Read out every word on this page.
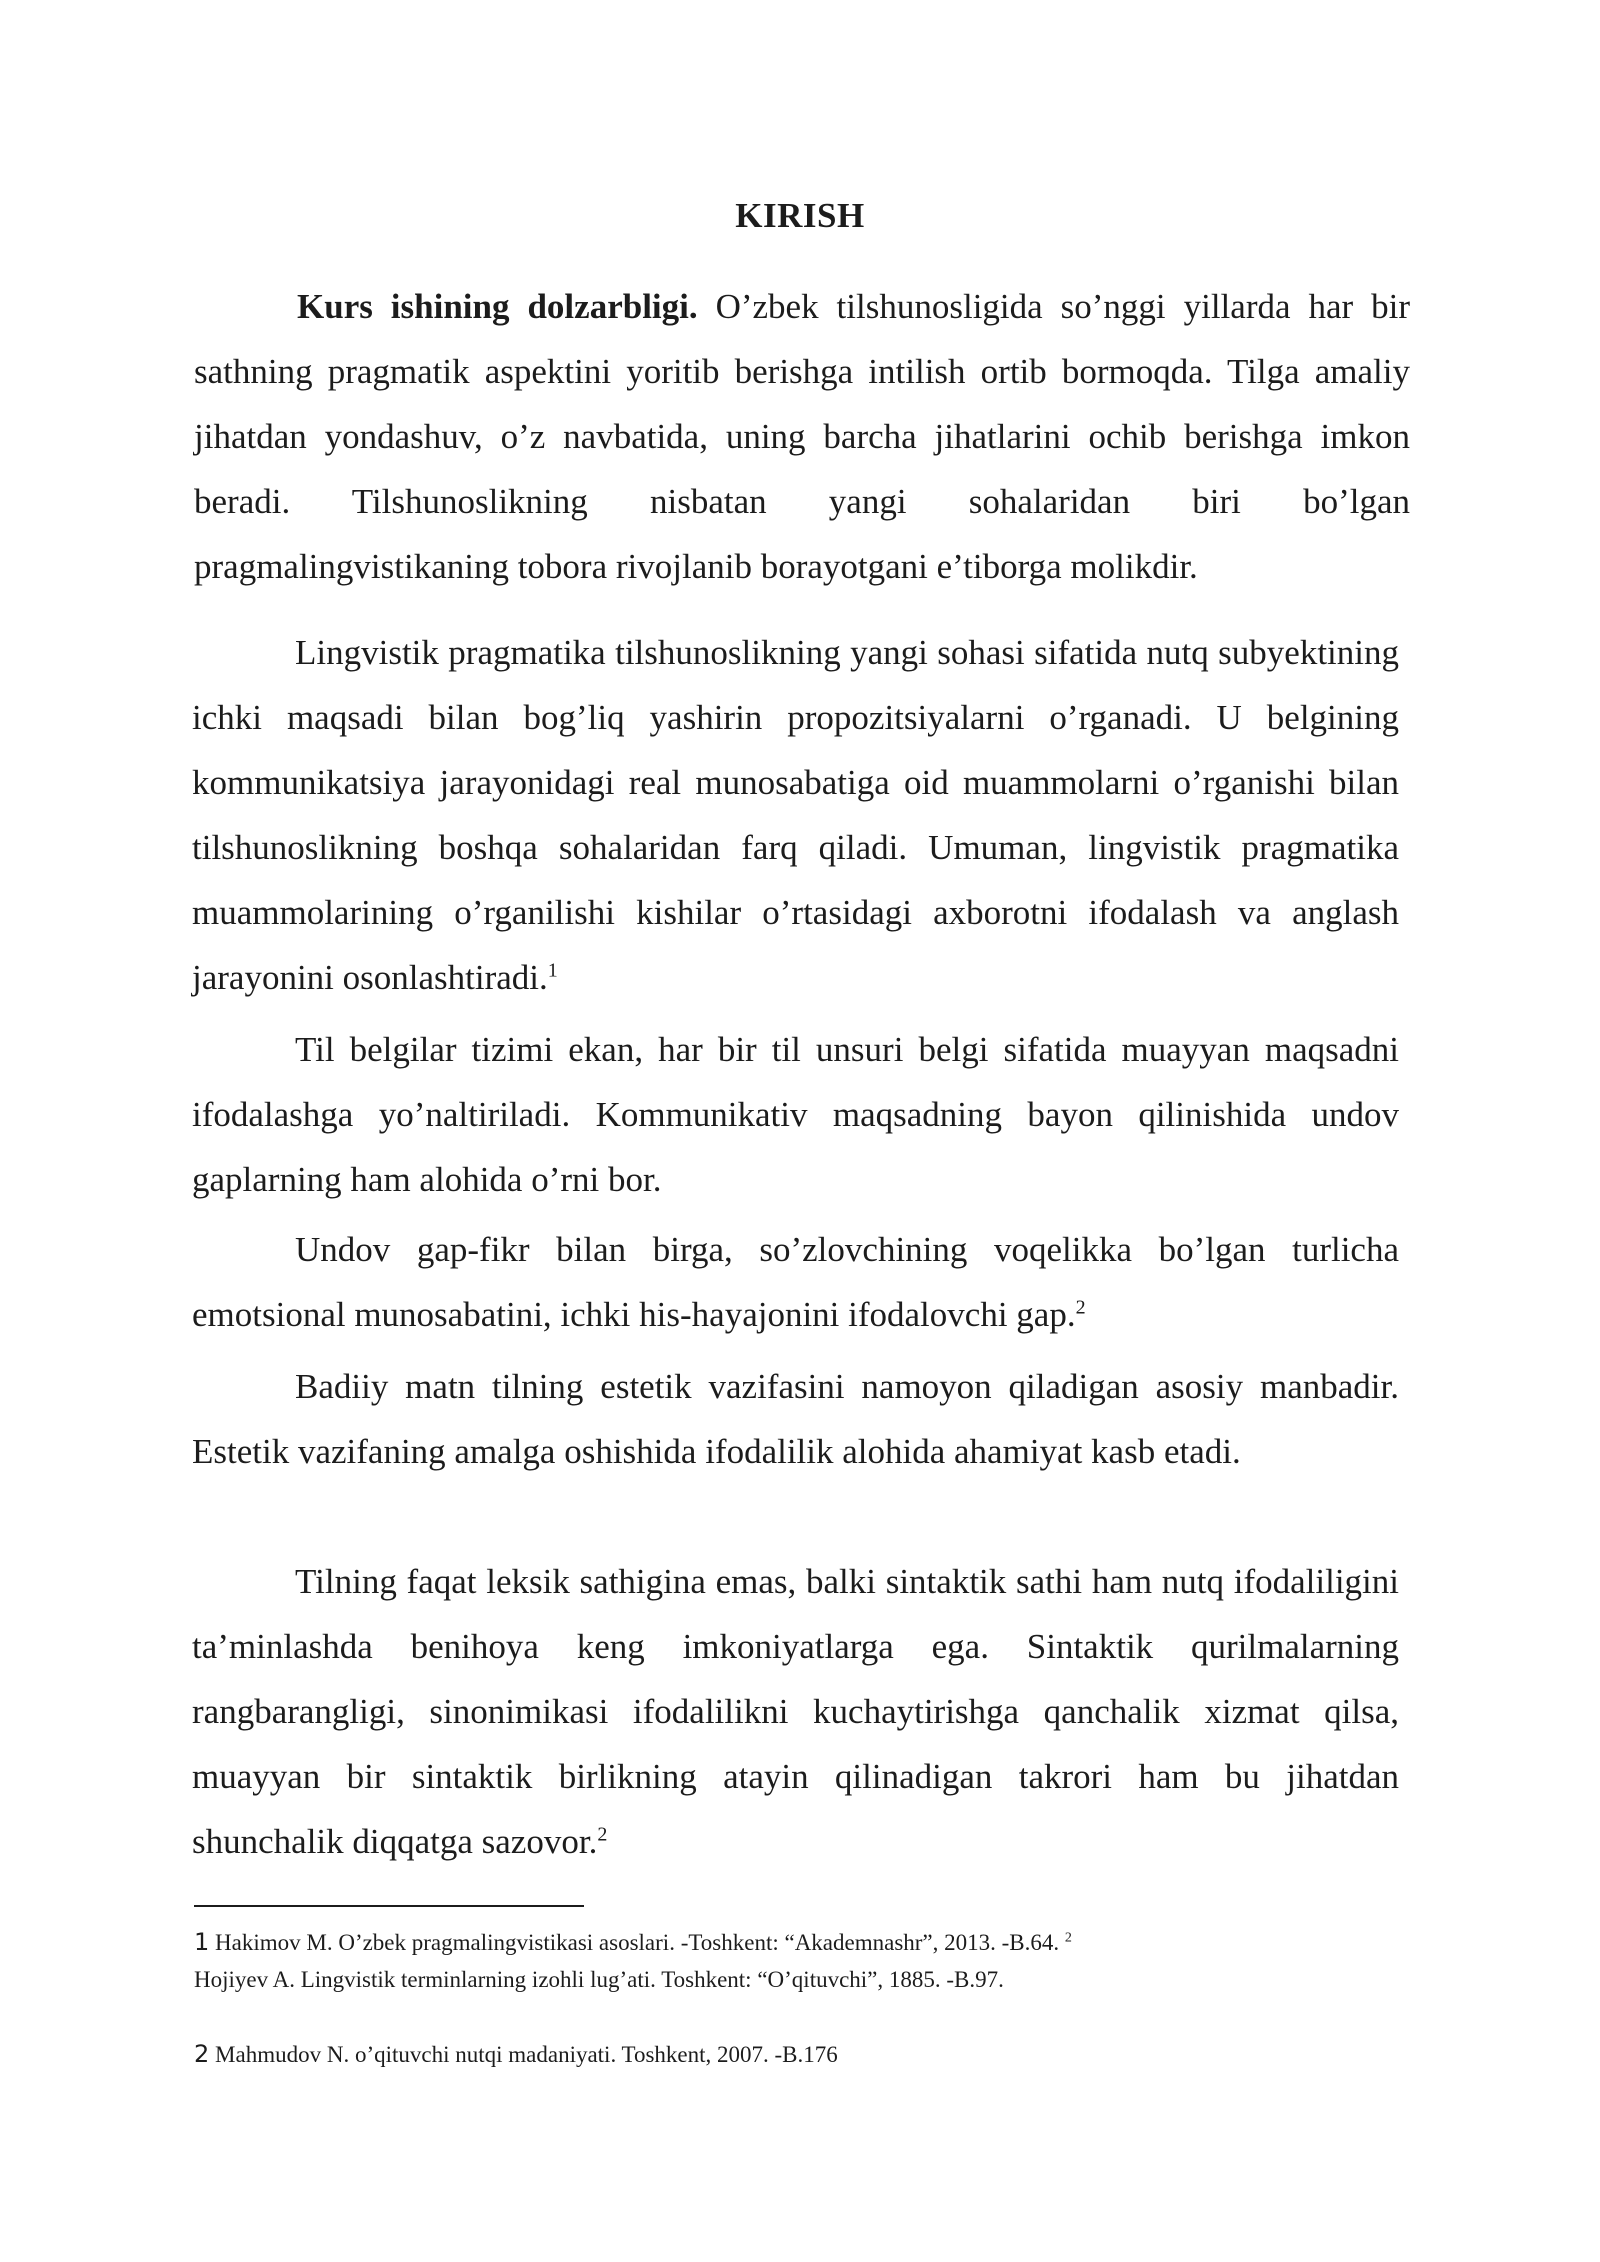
KIRISH

Kurs ishining dolzarbligi. O’zbek tilshunosligida so’nggi yillarda har bir sathning pragmatik aspektini yoritib berishga intilish ortib bormoqda. Tilga amaliy jihatdan yondashuv, o’z navbatida, uning barcha jihatlarini ochib berishga imkon beradi. Tilshunoslikning nisbatan yangi sohalaridan biri bo’lgan pragmalingvistikaning tobora rivojlanib borayotgani e’tiborga molikdir.

Lingvistik pragmatika tilshunoslikning yangi sohasi sifatida nutq subyektining ichki maqsadi bilan bog’liq yashirin propozitsiyalarni o’rganadi. U belgining kommunikatsiya jarayonidagi real munosabatiga oid muammolarni o’rganishi bilan tilshunoslikning boshqa sohalaridan farq qiladi. Umuman, lingvistik pragmatika muammolarining o’rganilishi kishilar o’rtasidagi axborotni ifodalash va anglash jarayonini osonlashtiradi.$^1$

Til belgilar tizimi ekan, har bir til unsuri belgi sifatida muayyan maqsadni ifodalashga yo’naltiriladi. Kommunikativ maqsadning bayon qilinishida undov gaplarning ham alohida o’rni bor.

Undov gap-fikr bilan birga, so’zlovchining voqelikka bo’lgan turlicha emotsional munosabatini, ichki his-hayajonini ifodalovchi gap.$^2$

Badiiy matn tilning estetik vazifasini namoyon qiladigan asosiy manbadir. Estetik vazifaning amalga oshishida ifodalilik alohida ahamiyat kasb etadi.

Tilning faqat leksik sathigina emas, balki sintaktik sathi ham nutq ifodaliligini ta’minlashda benihoya keng imkoniyatlarga ega. Sintaktik qurilmalarning rangbarangligi, sinonimikasi ifodalilikni kuchaytirishga qanchalik xizmat qilsa, muayyan bir sintaktik birlikning atayin qilinadigan takrori ham bu jihatdan shunchalik diqqatga sazovor.$^2$

1 Hakimov M. O’zbek pragmalingvistikasi asoslari. -Toshkent: “Akademnashr”, 2013. -B.64. $^2$ Hojiyev A. Lingvistik terminlarning izohli lug’ati. Toshkent: “O’qituvchi”, 1885. -B.97.

2 Mahmudov N. o’qituvchi nutqi madaniyati. Toshkent, 2007. -B.176
